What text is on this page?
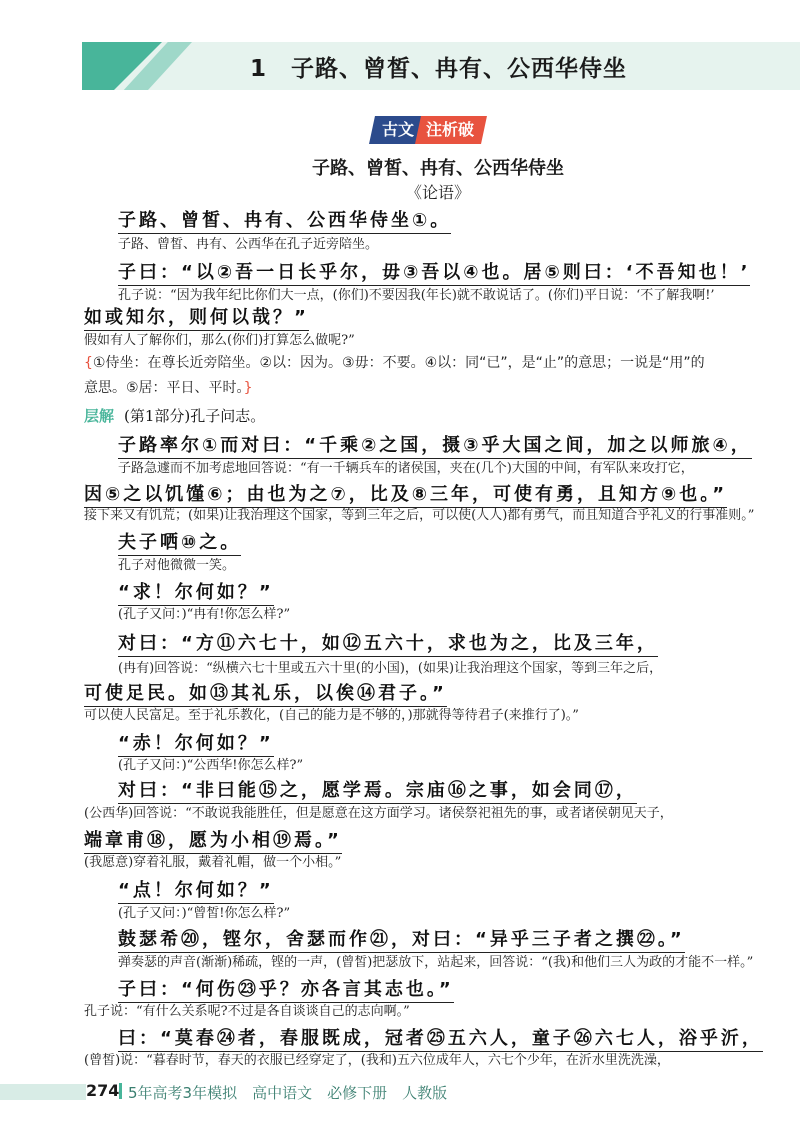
1　子路、曾皙、冉有、公西华侍坐
古文 注析破
子路、曾皙、冉有、公西华侍坐
《论语》
子路、曾皙、冉有、公西华侍坐①。
子路、曾皙、冉有、公西华在孔子近旁陪坐。
子曰：“以②吾一日长乎尔，毋③吾以④也。居⑤则曰：‘不吾知也！’
孔子说：“因为我年纪比你们大一点，(你们)不要因我(年长)就不敢说话了。(你们)平日说：‘不了解我啊!’
如或知尔，则何以哉？”
假如有人了解你们，那么(你们)打算怎么做呢?”
{①侍坐：在尊长近旁陪坐。②以：因为。③毋：不要。④以：同“已”，是“止”的意思；一说是“用”的
意思。⑤居：平日、平时。}
层解 (第1部分)孔子问志。
子路率尔①而对曰：“千乘②之国，摄③乎大国之间，加之以师旅④，
子路急遽而不加考虑地回答说：“有一千辆兵车的诸侯国，夹在(几个)大国的中间，有军队来攻打它，
因⑤之以饥馑⑥；由也为之⑦，比及⑧三年，可使有勇，且知方⑨也。”
接下来又有饥荒；(如果)让我治理这个国家，等到三年之后，可以使(人人)都有勇气，而且知道合乎礼义的行事准则。”
夫子哂⑩之。
孔子对他微微一笑。
“求！尔何如？”
(孔子又问：)“冉有!你怎么样?”
对曰：“方⑪六七十，如⑫五六十，求也为之，比及三年，
(冉有)回答说：“纵横六七十里或五六十里(的小国)，(如果)让我治理这个国家，等到三年之后，
可使足民。如⑬其礼乐，以俟⑭君子。”
可以使人民富足。至于礼乐教化，(自己的能力是不够的，)那就得等待君子(来推行了)。”
“赤！尔何如？”
(孔子又问：)“公西华!你怎么样?”
对曰：“非曰能⑮之，愿学焉。宗庙⑯之事，如会同⑰，
(公西华)回答说：“不敢说我能胜任，但是愿意在这方面学习。诸侯祭祀祖先的事，或者诸侯朝见天子，
端章甫⑱，愿为小相⑲焉。”
(我愿意)穿着礼服，戴着礼帽，做一个小相。”
“点！尔何如？”
(孔子又问：)“曾皙!你怎么样?”
鼓瑟希⑳，铿尔，舍瑟而作㉑，对曰：“异乎三子者之撰㉒。”
弹奏瑟的声音(渐渐)稀疏，铿的一声，(曾皙)把瑟放下，站起来，回答说：“(我)和他们三人为政的才能不一样。”
子曰：“何伤㉓乎？亦各言其志也。”
孔子说：“有什么关系呢?不过是各自谈谈自己的志向啊。”
曰：“莫春㉔者，春服既成，冠者㉕五六人，童子㉖六七人，浴乎沂，
(曾皙)说：“暮春时节，春天的衣服已经穿定了，(我和)五六位成年人，六七个少年，在沂水里洗洗澡，
274 5年高考3年模拟　高中语文　必修下册　人教版
